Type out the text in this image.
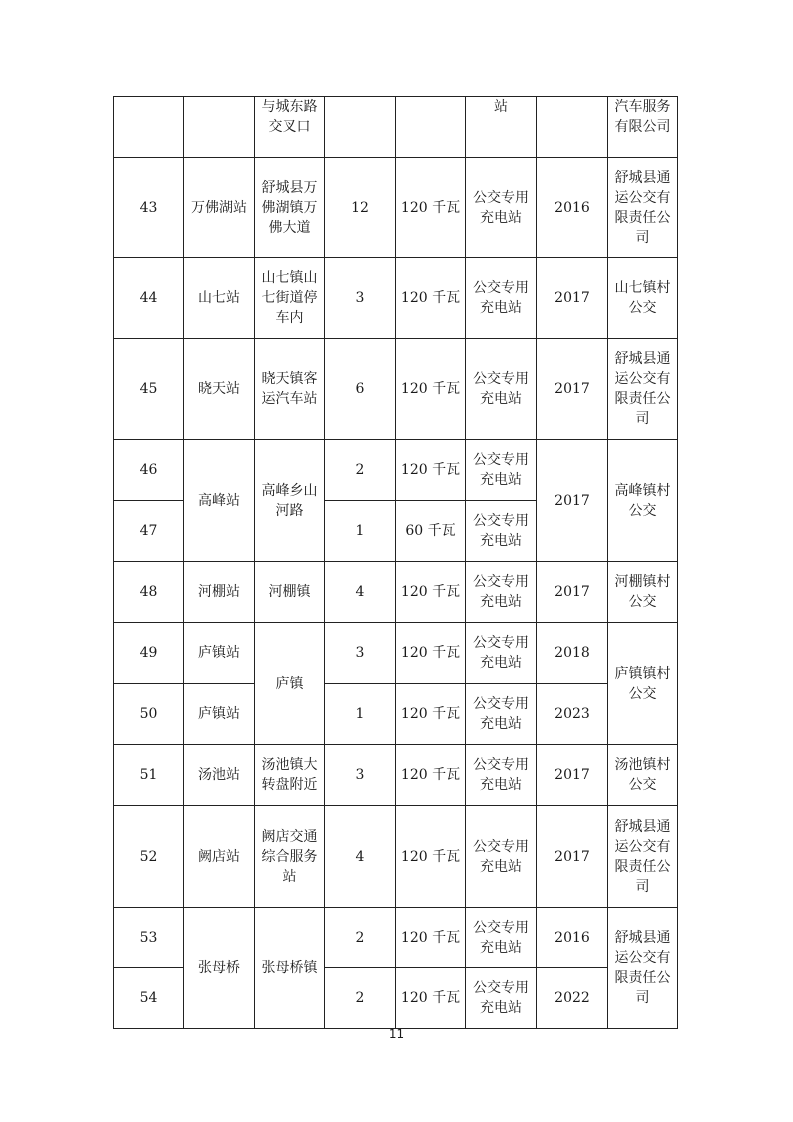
		与城东路交叉口			站		汽车服务有限公司
43	万佛湖站	舒城县万佛湖镇万佛大道	12	120 千瓦	公交专用充电站	2016	舒城县通运公交有限责任公司
44	山七站	山七镇山七街道停车内	3	120 千瓦	公交专用充电站	2017	山七镇村公交
45	晓天站	晓天镇客运汽车站	6	120 千瓦	公交专用充电站	2017	舒城县通运公交有限责任公司
46	高峰站	高峰乡山河路	2	120 千瓦	公交专用充电站	2017	高峰镇村公交
47			1	60 千瓦	公交专用充电站		
48	河棚站	河棚镇	4	120 千瓦	公交专用充电站	2017	河棚镇村公交
49	庐镇站	庐镇	3	120 千瓦	公交专用充电站	2018	庐镇镇村公交
50	庐镇站		1	120 千瓦	公交专用充电站	2023	
51	汤池站	汤池镇大转盘附近	3	120 千瓦	公交专用充电站	2017	汤池镇村公交
52	阙店站	阙店交通综合服务站	4	120 千瓦	公交专用充电站	2017	舒城县通运公交有限责任公司
53	张母桥	张母桥镇	2	120 千瓦	公交专用充电站	2016	舒城县通运公交有限责任公司
54			2	120 千瓦	公交专用充电站	2022	
11
